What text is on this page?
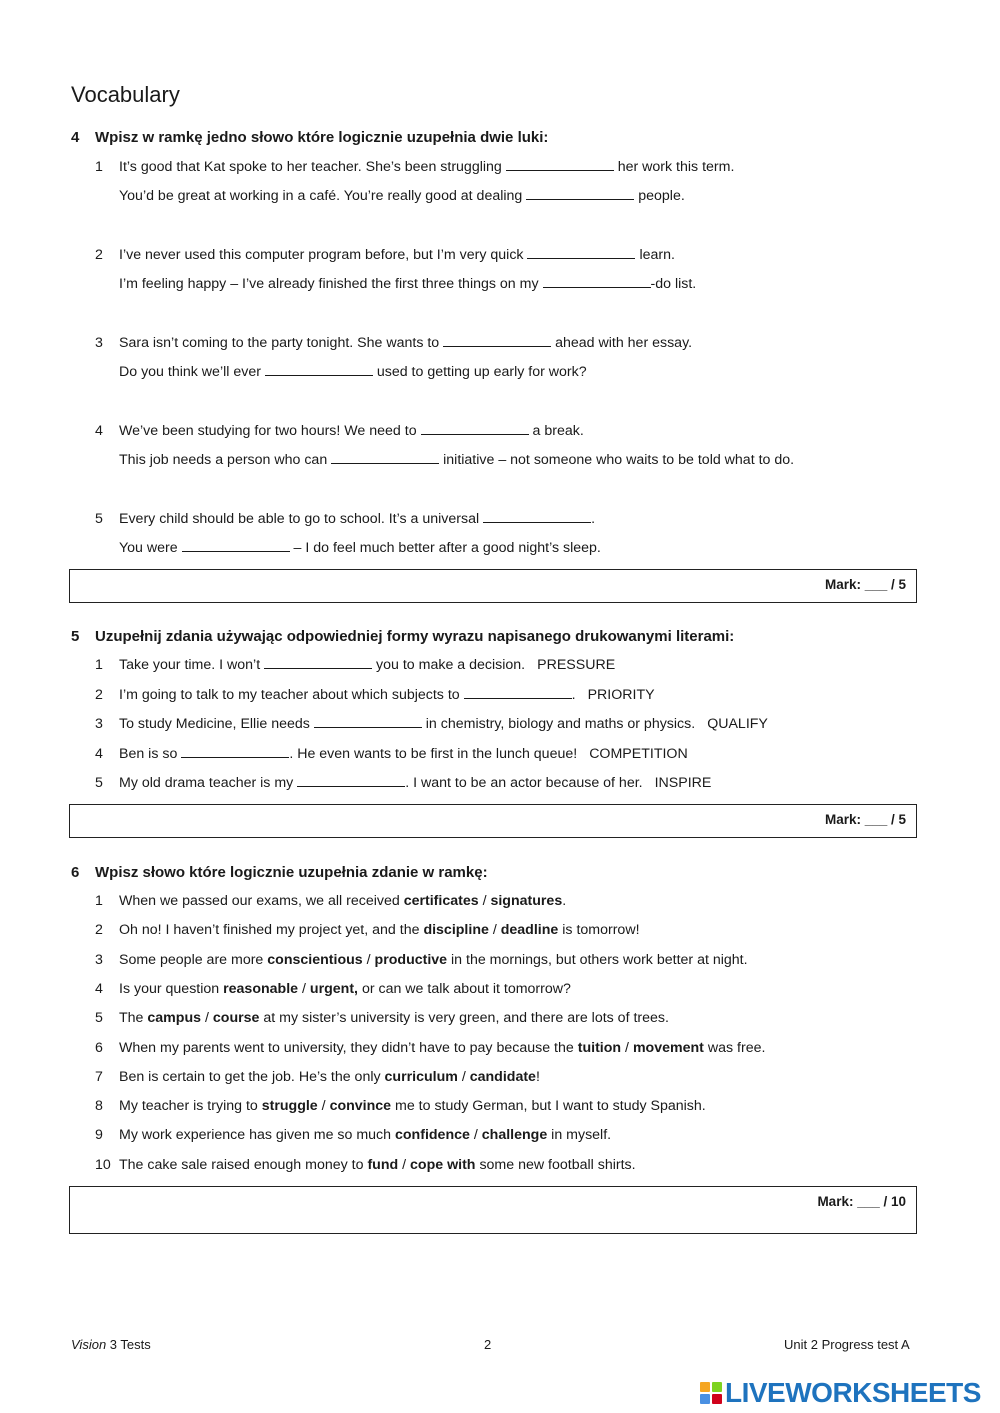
Vocabulary
4 Wpisz w ramkę jedno słowo które logicznie uzupełnia dwie luki:
1 It’s good that Kat spoke to her teacher. She’s been struggling	her work this term.
You’d be great at working in a café. You’re really good at dealing	people.
2 I’ve never used this computer program before, but I’m very quick	learn.
I’m feeling happy – I’ve already finished the first three things on my	-do list.
3 Sara isn’t coming to the party tonight. She wants to	ahead with her essay.
Do you think we’ll ever	used to getting up early for work?
4 We’ve been studying for two hours! We need to	a break.
This job needs a person who can	initiative – not someone who waits to be told what to do.
5 Every child should be able to go to school. It’s a universal	.
You were	– I do feel much better after a good night’s sleep.
Mark: ___ / 5
5 Uzupełnij zdania używając odpowiedniej formy wyrazu napisanego drukowanymi literami:
1 Take your time. I won’t	you to make a decision. PRESSURE
2 I’m going to talk to my teacher about which subjects to	. PRIORITY
3 To study Medicine, Ellie needs	in chemistry, biology and maths or physics. QUALIFY
4 Ben is so	. He even wants to be first in the lunch queue! COMPETITION
5 My old drama teacher is my	. I want to be an actor because of her. INSPIRE
Mark: ___ / 5
6 Wpisz słowo które logicznie uzupełnia zdanie w ramkę:
1 When we passed our exams, we all received certificates / signatures.
2 Oh no! I haven’t finished my project yet, and the discipline / deadline is tomorrow!
3 Some people are more conscientious / productive in the mornings, but others work better at night.
4 Is your question reasonable / urgent, or can we talk about it tomorrow?
5 The campus / course at my sister’s university is very green, and there are lots of trees.
6 When my parents went to university, they didn’t have to pay because the tuition / movement was free.
7 Ben is certain to get the job. He’s the only curriculum / candidate!
8 My teacher is trying to struggle / convince me to study German, but I want to study Spanish.
9 My work experience has given me so much confidence / challenge in myself.
10 The cake sale raised enough money to fund / cope with some new football shirts.
Mark: ___ / 10
Vision 3 Tests	2	Unit 2 Progress test A
LIVEWORKSHEETS
